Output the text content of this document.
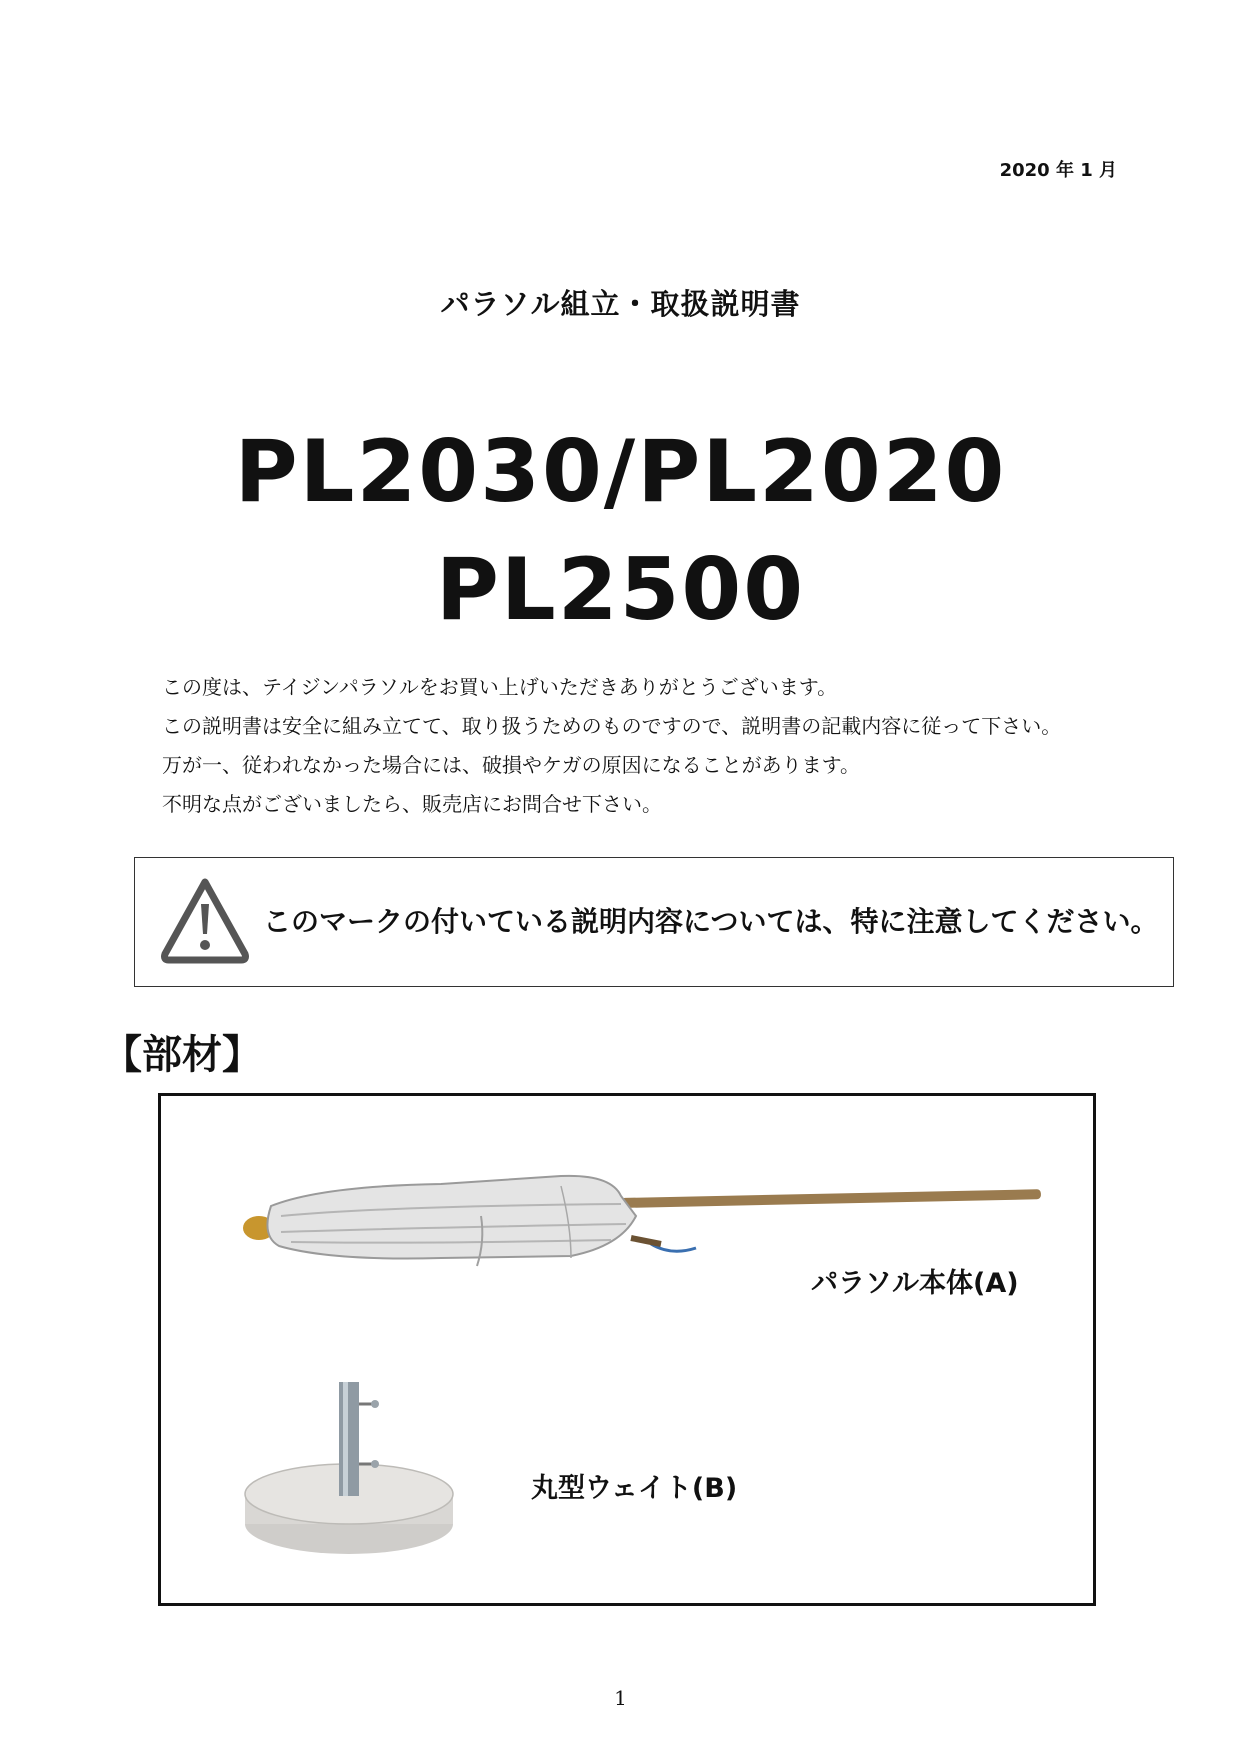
2020 年 1 月
パラソル組立・取扱説明書
PL2030/PL2020
PL2500

この度は、テイジンパラソルをお買い上げいただきありがとうございます。

この説明書は安全に組み立てて、取り扱うためのものですので、説明書の記載内容に従って下さい。

万が一、従われなかった場合には、破損やケガの原因になることがあります。

不明な点がございましたら、販売店にお問合せ下さい。

このマークの付いている説明内容については、特に注意してください。
【部材】
パラソル本体(A)
丸型ウェイト(B)
1
